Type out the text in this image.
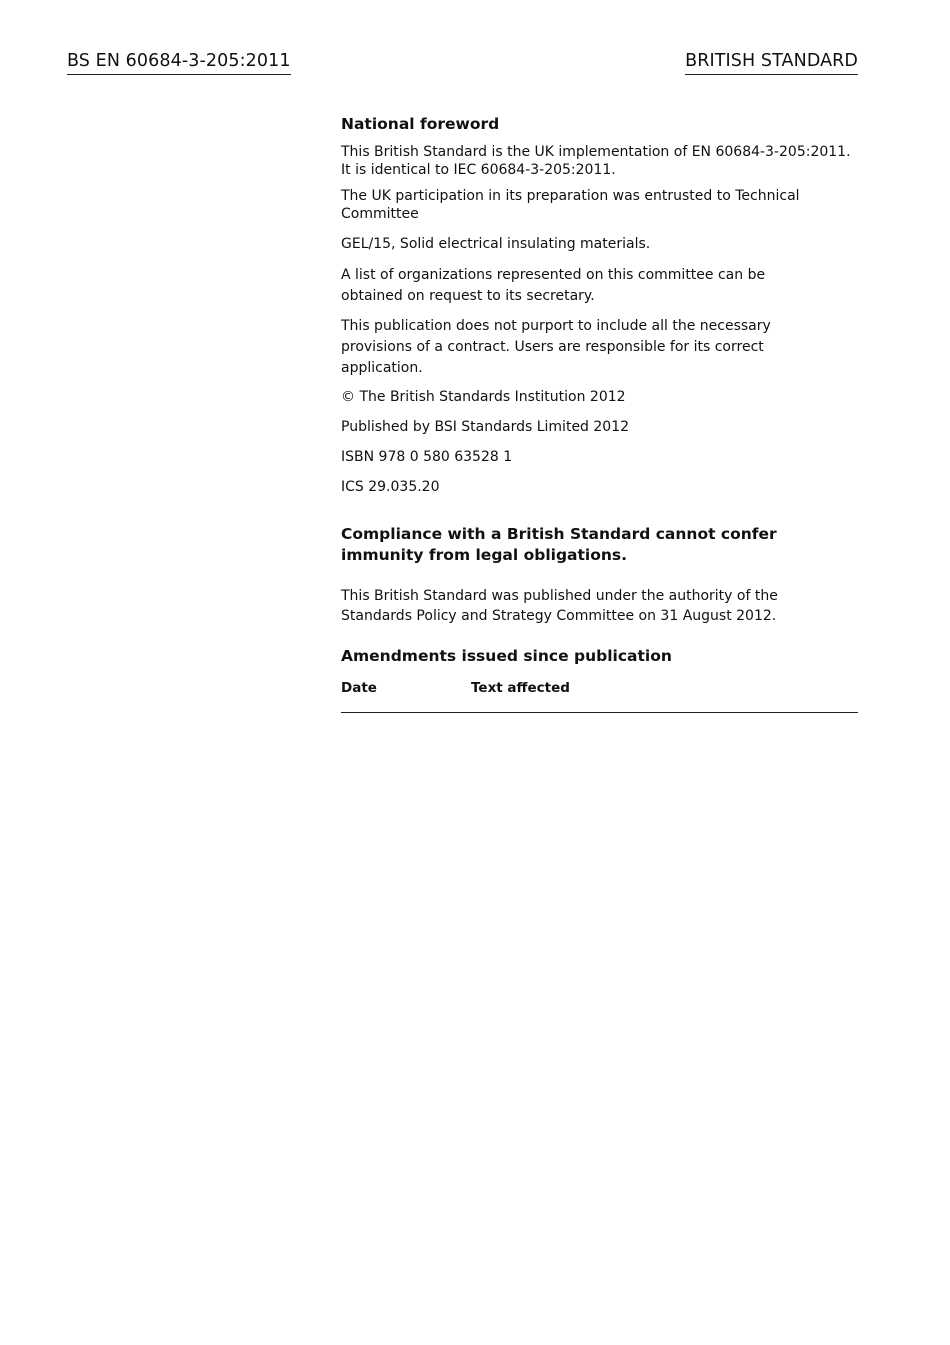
BS EN 60684-3-205:2011	BRITISH STANDARD
National foreword
This British Standard is the UK implementation of EN 60684-3-205:2011. It is identical to IEC 60684-3-205:2011.
The UK participation in its preparation was entrusted to Technical Committee
GEL/15, Solid electrical insulating materials.
A list of organizations represented on this committee can be obtained on request to its secretary.
This publication does not purport to include all the necessary provisions of a contract. Users are responsible for its correct application.
© The British Standards Institution 2012
Published by BSI Standards Limited 2012
ISBN 978 0 580 63528 1
ICS 29.035.20
Compliance with a British Standard cannot confer immunity from legal obligations.
This British Standard was published under the authority of the Standards Policy and Strategy Committee on 31 August 2012.
Amendments issued since publication
Date	Text affected
